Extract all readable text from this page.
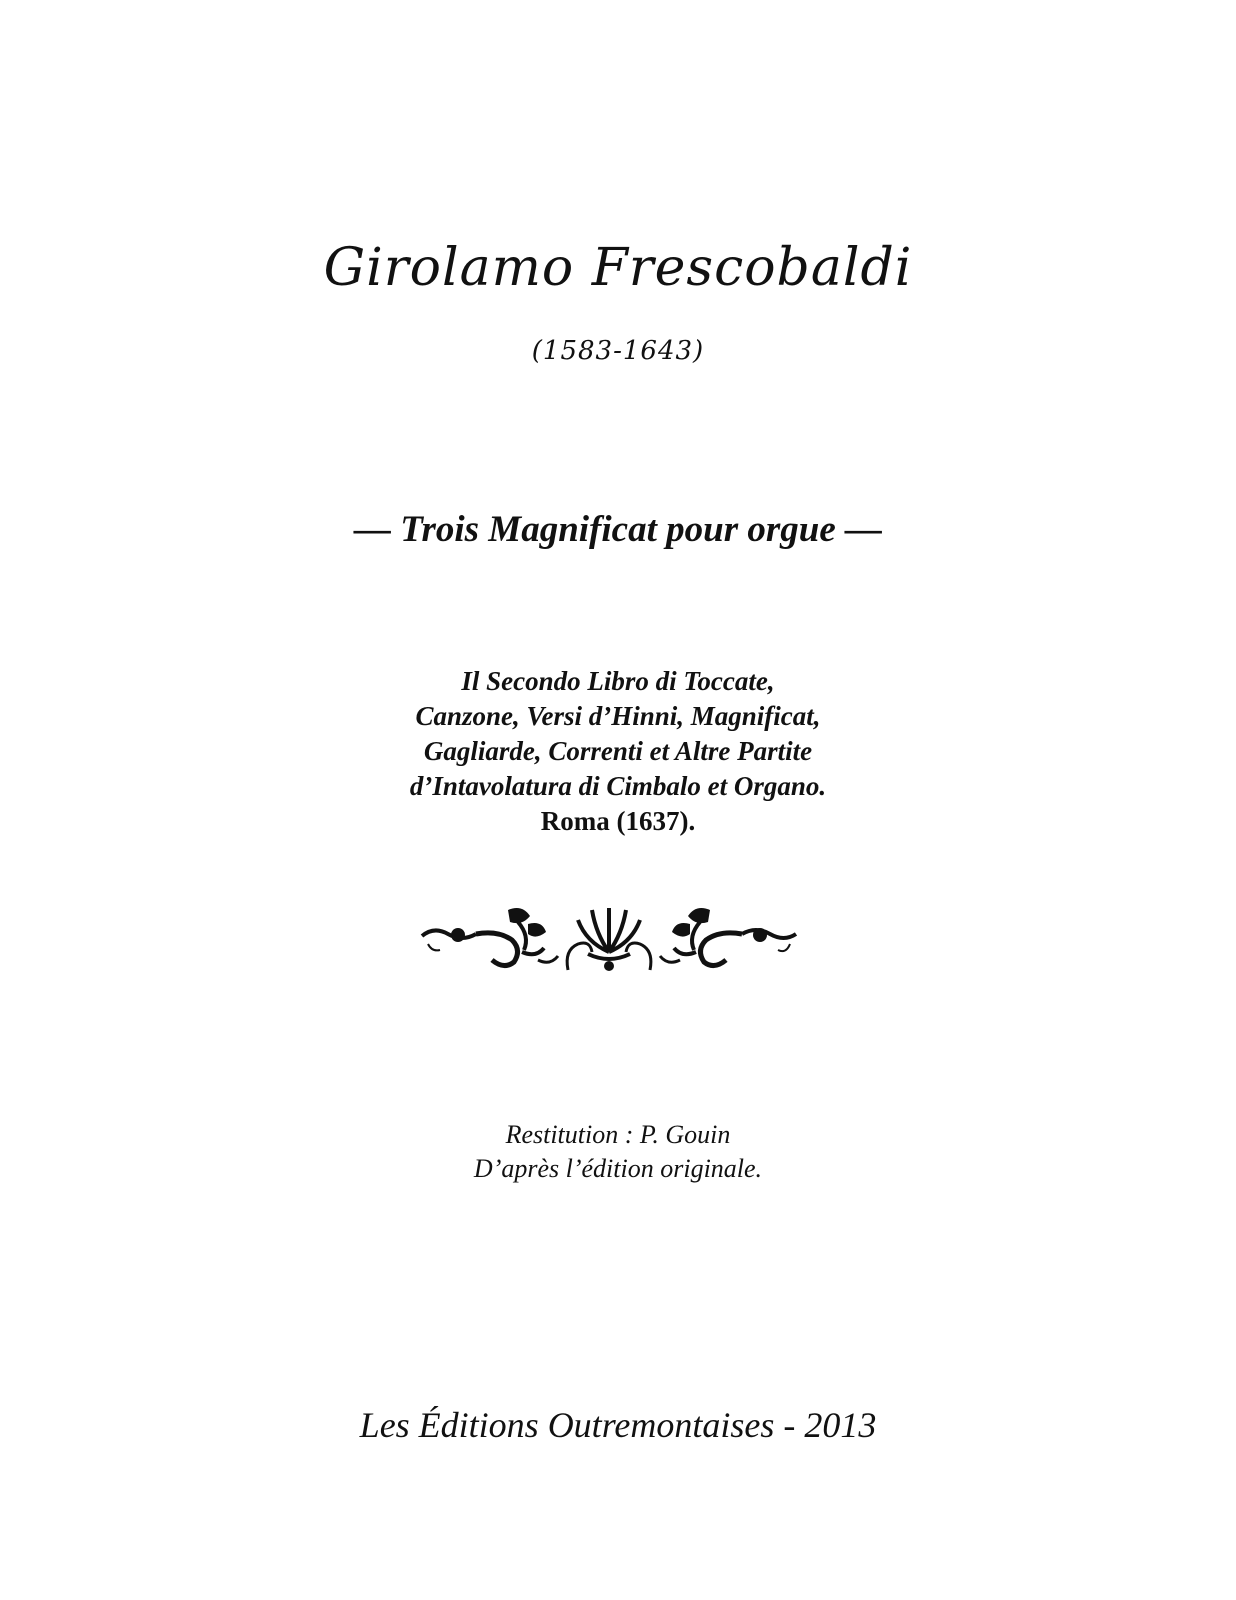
Girolamo Frescobaldi
(1583-1643)
— Trois Magnificat pour orgue —
Il Secondo Libro di Toccate,
Canzone, Versi d’Hinni, Magnificat,
Gagliarde, Correnti et Altre Partite
d’Intavolatura di Cimbalo et Organo.
Roma (1637).
Restitution : P. Gouin
D’après l’édition originale.
Les Éditions Outremontaises - 2013
